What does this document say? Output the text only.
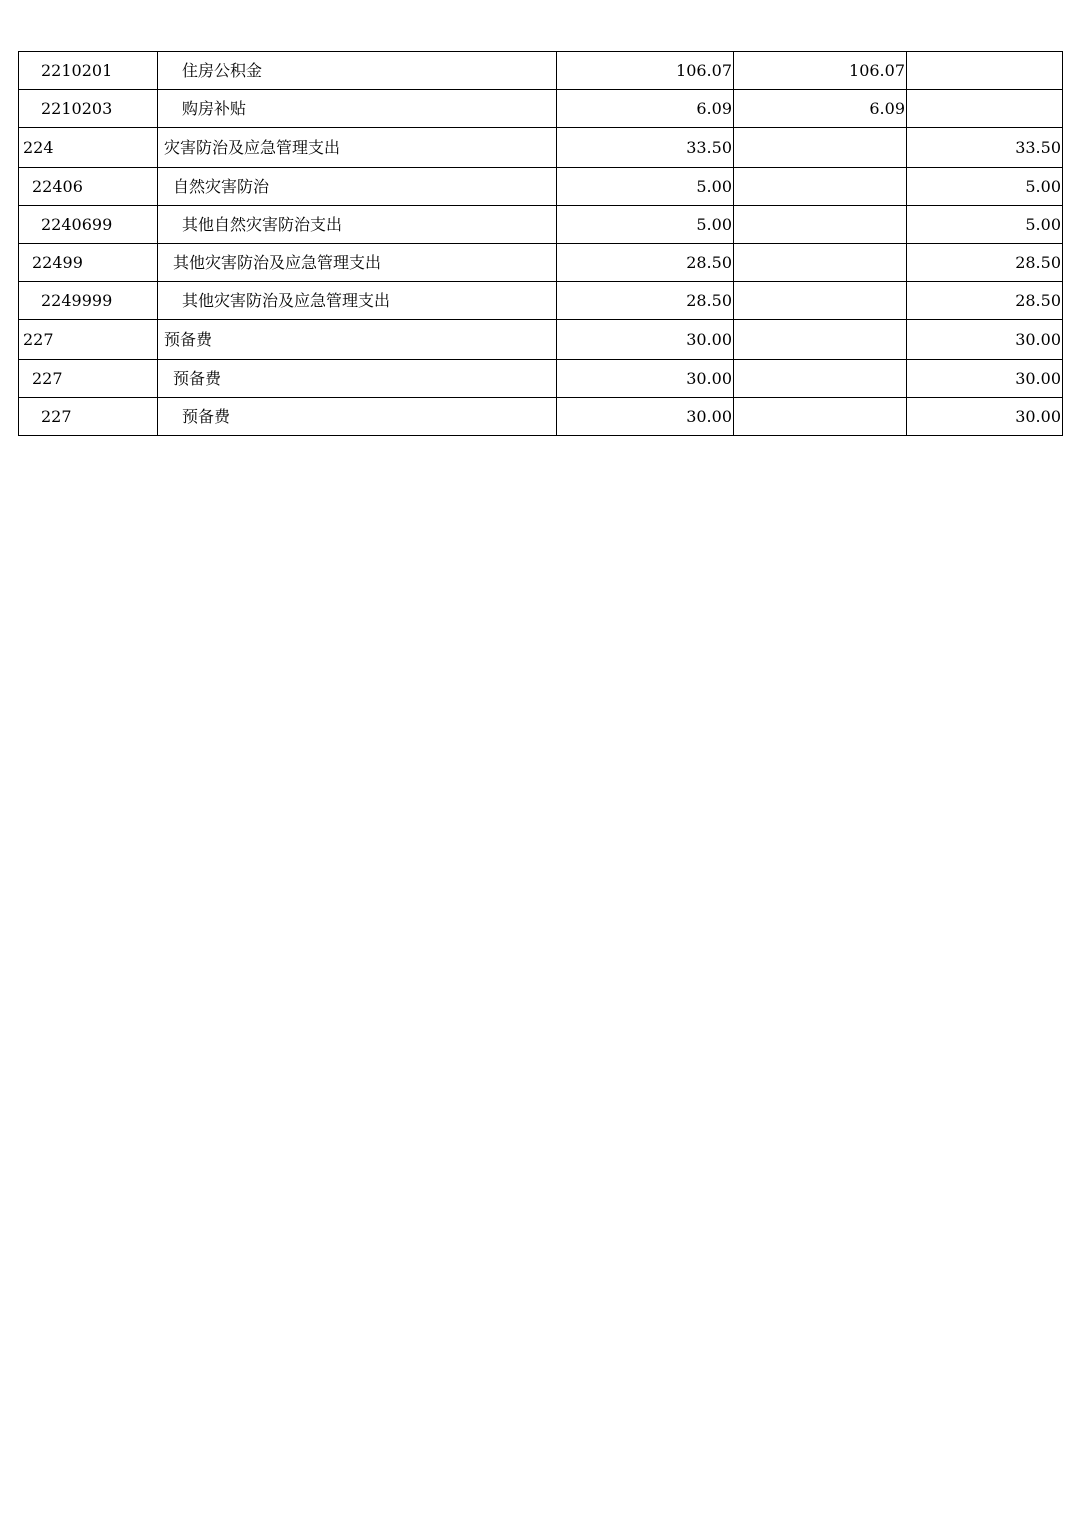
2210201	住房公积金	106.07	106.07	
2210203	购房补贴	6.09	6.09	
224	灾害防治及应急管理支出	33.50		33.50
22406	自然灾害防治	5.00		5.00
2240699	其他自然灾害防治支出	5.00		5.00
22499	其他灾害防治及应急管理支出	28.50		28.50
2249999	其他灾害防治及应急管理支出	28.50		28.50
227	预备费	30.00		30.00
227	预备费	30.00		30.00
227	预备费	30.00		30.00
